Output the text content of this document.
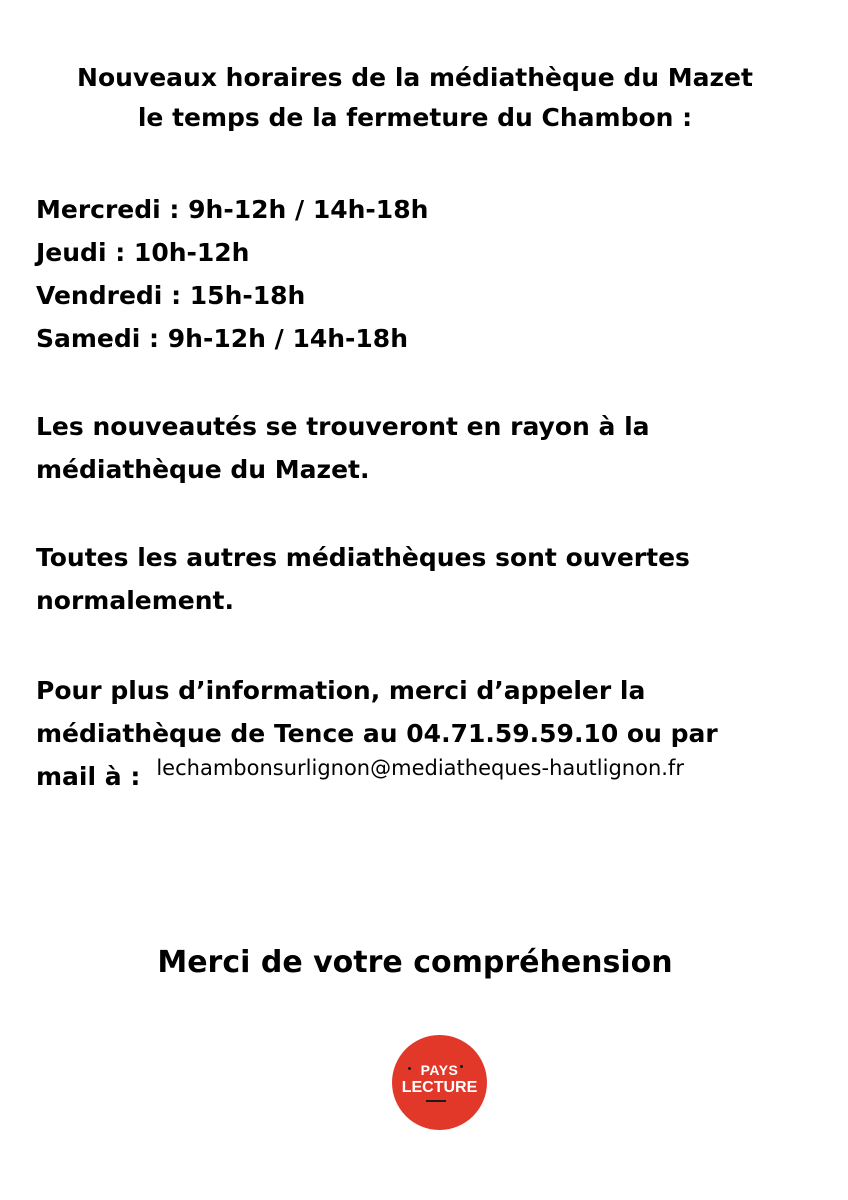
Nouveaux horaires de la médiathèque du Mazet
le temps de la fermeture du Chambon :
Mercredi : 9h-12h / 14h-18h
Jeudi : 10h-12h
Vendredi : 15h-18h
Samedi : 9h-12h / 14h-18h
Les nouveautés se trouveront en rayon à la
médiathèque du Mazet.
Toutes les autres médiathèques sont ouvertes
normalement.
Pour plus d’information, merci d’appeler la
médiathèque de Tence au 04.71.59.59.10 ou par
mail à : $^{lechambonsurlignon@mediatheques-hautlignon.fr}$
Merci de votre compréhension
PAYS
LECTURE
